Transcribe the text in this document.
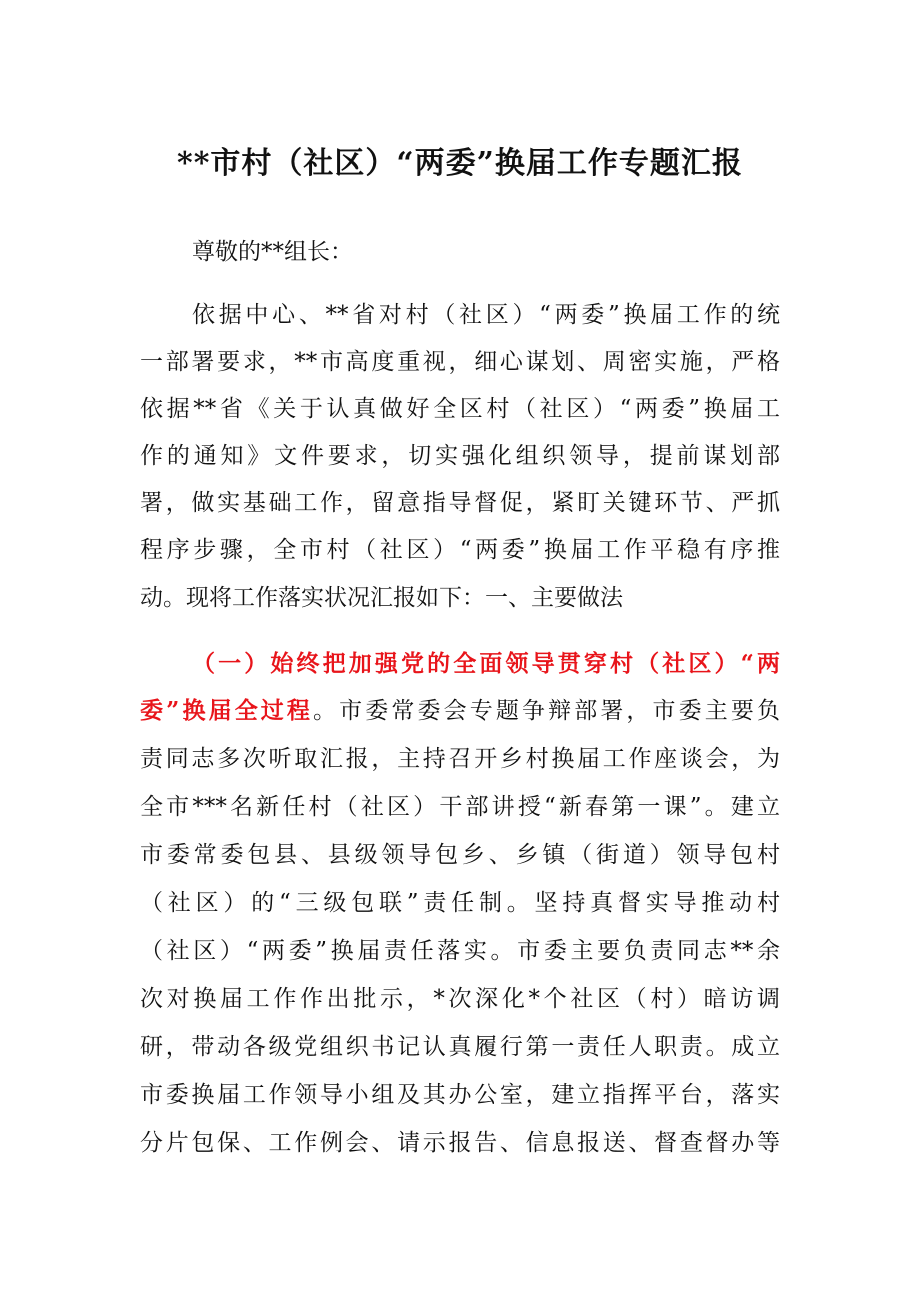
**市村（社区）“两委”换届工作专题汇报
尊敬的**组长：
依据中心、**省对村（社区）“两委”换届工作的统
一部署要求，**市高度重视，细心谋划、周密实施，严格
依据**省《关于认真做好全区村（社区）“两委”换届工
作的通知》文件要求，切实强化组织领导，提前谋划部
署，做实基础工作，留意指导督促，紧盯关键环节、严抓
程序步骤，全市村（社区）“两委”换届工作平稳有序推
动。现将工作落实状况汇报如下：一、主要做法
（一）始终把加强党的全面领导贯穿村（社区）“两
委”换届全过程。市委常委会专题争辩部署，市委主要负
责同志多次听取汇报，主持召开乡村换届工作座谈会，为
全市***名新任村（社区）干部讲授“新春第一课”。建立
市委常委包县、县级领导包乡、乡镇（街道）领导包村
（社区）的“三级包联”责任制。坚持真督实导推动村
（社区）“两委”换届责任落实。市委主要负责同志**余
次对换届工作作出批示，*次深化*个社区（村）暗访调
研，带动各级党组织书记认真履行第一责任人职责。成立
市委换届工作领导小组及其办公室，建立指挥平台，落实
分片包保、工作例会、请示报告、信息报送、督查督办等
